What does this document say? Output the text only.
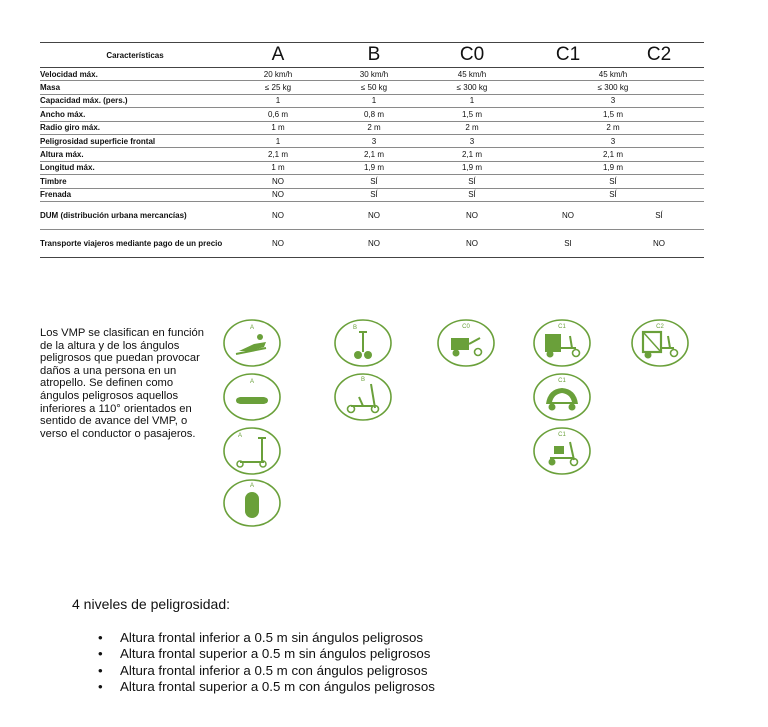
Características	A	B	C0	C1	C2
Velocidad máx.	20 km/h	30 km/h	45 km/h	45 km/h	
Masa	≤ 25 kg	≤ 50 kg	≤ 300 kg	≤ 300 kg	
Capacidad máx. (pers.)	1	1	1	3	
Ancho máx.	0,6 m	0,8 m	1,5 m	1,5 m	
Radio giro máx.	1 m	2 m	2 m	2 m	
Peligrosidad superficie frontal	1	3	3	3	
Altura máx.	2,1 m	2,1 m	2,1 m	2,1 m	
Longitud máx.	1 m	1,9 m	1,9 m	1,9 m	
Timbre	NO	SÍ	SÍ	SÍ	
Frenada	NO	SÍ	SÍ	SÍ	
DUM (distribución urbana mercancías)	NO	NO	NO	NO	SÍ
Transporte viajeros mediante pago de un precio	NO	NO	NO	SI	NO

Los VMP se clasifican en función de la altura y de los ángulos peligrosos que puedan provocar daños a una persona en un atropello. Se definen como ángulos peligrosos aquellos inferiores a 110° orientados en sentido de avance del VMP, o verso el conductor o pasajeros.

A
A
A
A
B
B
C0	C1
C1
C1
C2

4 niveles de peligrosidad:

• Altura frontal inferior a 0.5 m sin ángulos peligrosos
• Altura frontal superior a 0.5 m sin ángulos peligrosos
• Altura frontal inferior a 0.5 m con ángulos peligrosos
• Altura frontal superior a 0.5 m con ángulos peligrosos
